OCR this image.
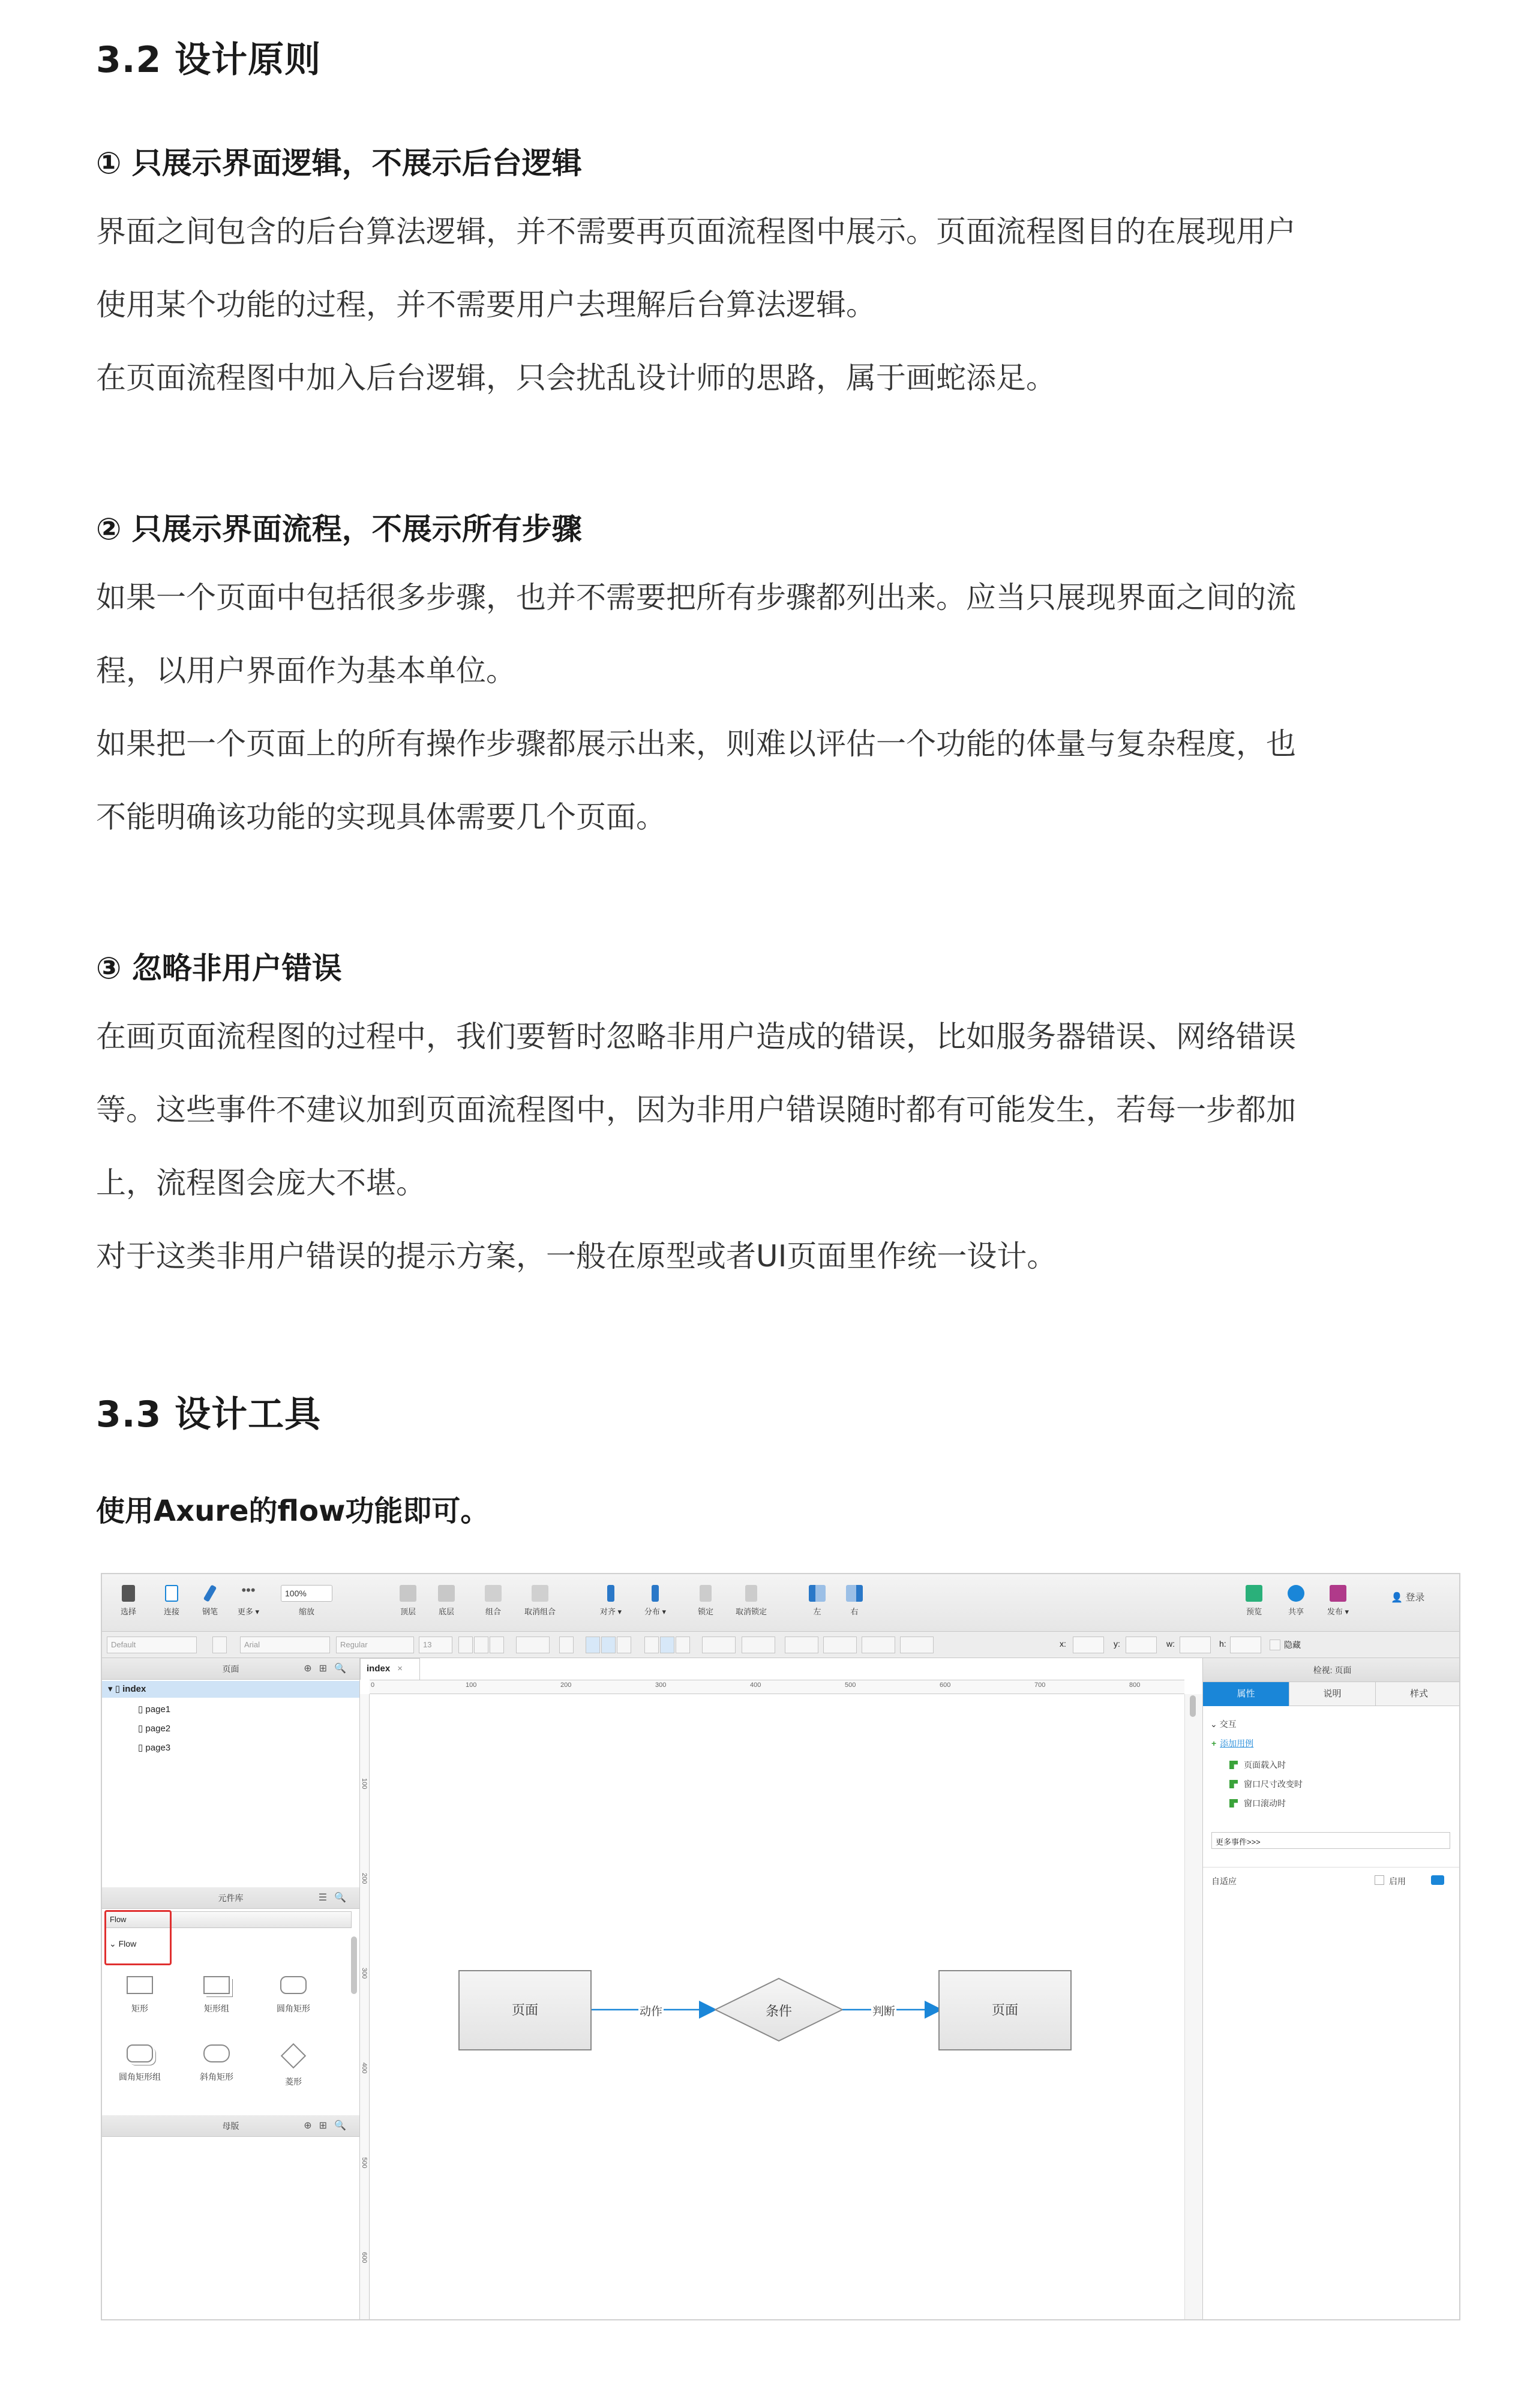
3.2 设计原则
① 只展示界面逻辑，不展示后台逻辑
界面之间包含的后台算法逻辑，并不需要再页面流程图中展示。页面流程图目的在展现用户
使用某个功能的过程，并不需要用户去理解后台算法逻辑。
在页面流程图中加入后台逻辑，只会扰乱设计师的思路，属于画蛇添足。
② 只展示界面流程，不展示所有步骤
如果一个页面中包括很多步骤，也并不需要把所有步骤都列出来。应当只展现界面之间的流
程，以用户界面作为基本单位。
如果把一个页面上的所有操作步骤都展示出来，则难以评估一个功能的体量与复杂程度，也
不能明确该功能的实现具体需要几个页面。
③ 忽略非用户错误
在画页面流程图的过程中，我们要暂时忽略非用户造成的错误，比如服务器错误、网络错误
等。这些事件不建议加到页面流程图中，因为非用户错误随时都有可能发生，若每一步都加
上，流程图会庞大不堪。
对于这类非用户错误的提示方案，一般在原型或者UI页面里作统一设计。
3.3 设计工具
使用Axure的flow功能即可。
选择	连接	钢笔
•••
更多 ▾
100%
缩放	顶层	底层	组合	取消组合	对齐 ▾	分布 ▾	锁定	取消锁定	左	右	预览	共享	发布 ▾
👤 登录
Default	Arial	Regular	13	x:	y:	w:	h:	隐藏
页面	⊕⊞🔍
▾ ▯ index
▯ page1
▯ page2
▯ page3
元件库	☰🔍
Flow
⌄ Flow
矩形	矩形组	圆角矩形
圆角矩形组	斜角矩形	菱形
母版	⊕⊞🔍
index ×
0	100	200	300	400	500	600	700	800
100
200
300
400
500
600
页面	动作	条件	判断	页面
检视: 页面
属性	说明	样式
⌄ 交互
+ 添加用例
页面载入时
窗口尺寸改变时
窗口滚动时
更多事件>>>
自适应	启用
